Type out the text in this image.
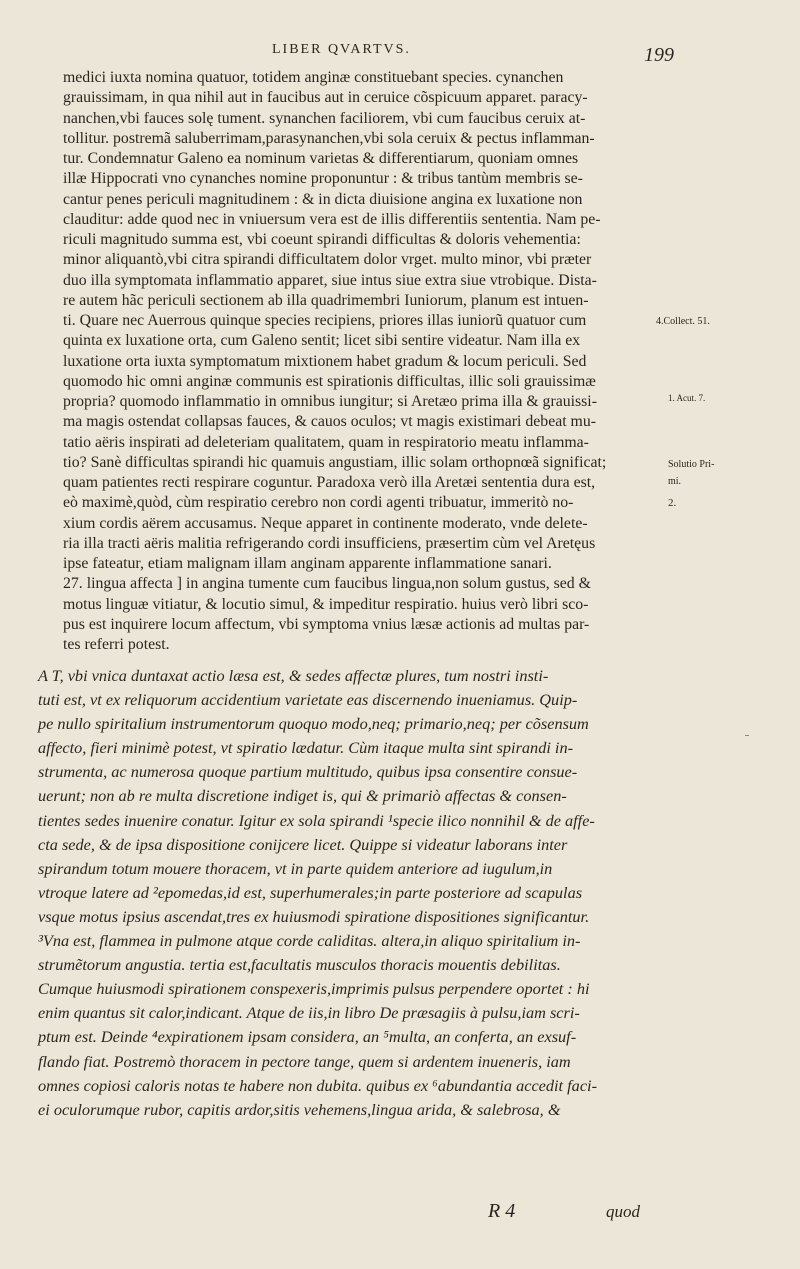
LIBER QVARTVS.	199
medici iuxta nomina quatuor, totidem anginæ constituebant species. cynanchen
grauissimam, in qua nihil aut in faucibus aut in ceruice cõspicuum apparet. paracy-
nanchen,vbi fauces solę tument. synanchen faciliorem, vbi cum faucibus ceruix at-
tollitur. postremã saluberrimam,parasynanchen,vbi sola ceruix & pectus inflamman-
tur. Condemnatur Galeno ea nominum varietas & differentiarum, quoniam omnes
illæ Hippocrati vno cynanches nomine proponuntur : & tribus tantùm membris se-
cantur penes periculi magnitudinem : & in dicta diuisione angina ex luxatione non
clauditur: adde quod nec in vniuersum vera est de illis differentiis sententia. Nam pe-
riculi magnitudo summa est, vbi coeunt spirandi difficultas & doloris vehementia:
minor aliquantò,vbi citra spirandi difficultatem dolor vrget. multo minor, vbi præter
duo illa symptomata inflammatio apparet, siue intus siue extra siue vtrobique. Dista-
re autem hãc periculi sectionem ab illa quadrimembri Iuniorum, planum est intuen-
ti. Quare nec Auerrous quinque species recipiens, priores illas iuniorũ quatuor cum
quinta ex luxatione orta, cum Galeno sentit; licet sibi sentire videatur. Nam illa ex
luxatione orta iuxta symptomatum mixtionem habet gradum & locum periculi. Sed
quomodo hic omni anginæ communis est spirationis difficultas, illic soli grauissimæ
propria? quomodo inflammatio in omnibus iungitur; si Aretæo prima illa & grauissi-
ma magis ostendat collapsas fauces, & cauos oculos; vt magis existimari debeat mu-
tatio aëris inspirati ad deleteriam qualitatem, quam in respiratorio meatu inflamma-
tio? Sanè difficultas spirandi hic quamuis angustiam, illic solam orthopnœã significat;
quam patientes recti respirare coguntur. Paradoxa verò illa Aretæi sententia dura est,
eò maximè,quòd, cùm respiratio cerebro non cordi agenti tribuatur, immeritò no-
xium cordis aërem accusamus. Neque apparet in continente moderato, vnde delete-
ria illa tracti aëris malitia refrigerando cordi insufficiens, præsertim cùm vel Aretęus
ipse fateatur, etiam malignam illam anginam apparente inflammatione sanari.
27. lingua affecta ] in angina tumente cum faucibus lingua,non solum gustus, sed &
motus linguæ vitiatur, & locutio simul, & impeditur respiratio. huius verò libri sco-
pus est inquirere locum affectum, vbi symptoma vnius læsæ actionis ad multas par-
tes referri potest.
A T, vbi vnica duntaxat actio læsa est, & sedes affectæ plures, tum nostri insti-
tuti est, vt ex reliquorum accidentium varietate eas discernendo inueniamus. Quip-
pe nullo spiritalium instrumentorum quoquo modo,neq; primario,neq; per cõsensum
affecto, fieri minimè potest, vt spiratio lædatur. Cùm itaque multa sint spirandi in-
strumenta, ac numerosa quoque partium multitudo, quibus ipsa consentire consue-
uerunt; non ab re multa discretione indiget is, qui & primariò affectas & consen-
tientes sedes inuenire conatur. Igitur ex sola spirandi ¹specie ilico nonnihil & de affe-
cta sede, & de ipsa dispositione conijcere licet. Quippe si videatur laborans inter
spirandum totum mouere thoracem, vt in parte quidem anteriore ad iugulum,in
vtroque latere ad ²epomedas,id est, superhumerales;in parte posteriore ad scapulas
vsque motus ipsius ascendat,tres ex huiusmodi spiratione dispositiones significantur.
³Vna est, flammea in pulmone atque corde caliditas. altera,in aliquo spiritalium in-
strumẽtorum angustia. tertia est,facultatis musculos thoracis mouentis debilitas.
Cumque huiusmodi spirationem conspexeris,imprimis pulsus perpendere oportet : hi
enim quantus sit calor,indicant. Atque de iis,in libro De præsagiis à pulsu,iam scri-
ptum est. Deinde ⁴expirationem ipsam considera, an ⁵multa, an conferta, an exsuf-
flando fiat. Postremò thoracem in pectore tange, quem si ardentem inueneris, iam
omnes copiosi caloris notas te habere non dubita. quibus ex ⁶abundantia accedit faci-
ei oculorumque rubor, capitis ardor,sitis vehemens,lingua arida, & salebrosa, &
4.Collect. 51.
1. Acut. 7.
Solutio Pri-
mi.
2.
R 4	quod
